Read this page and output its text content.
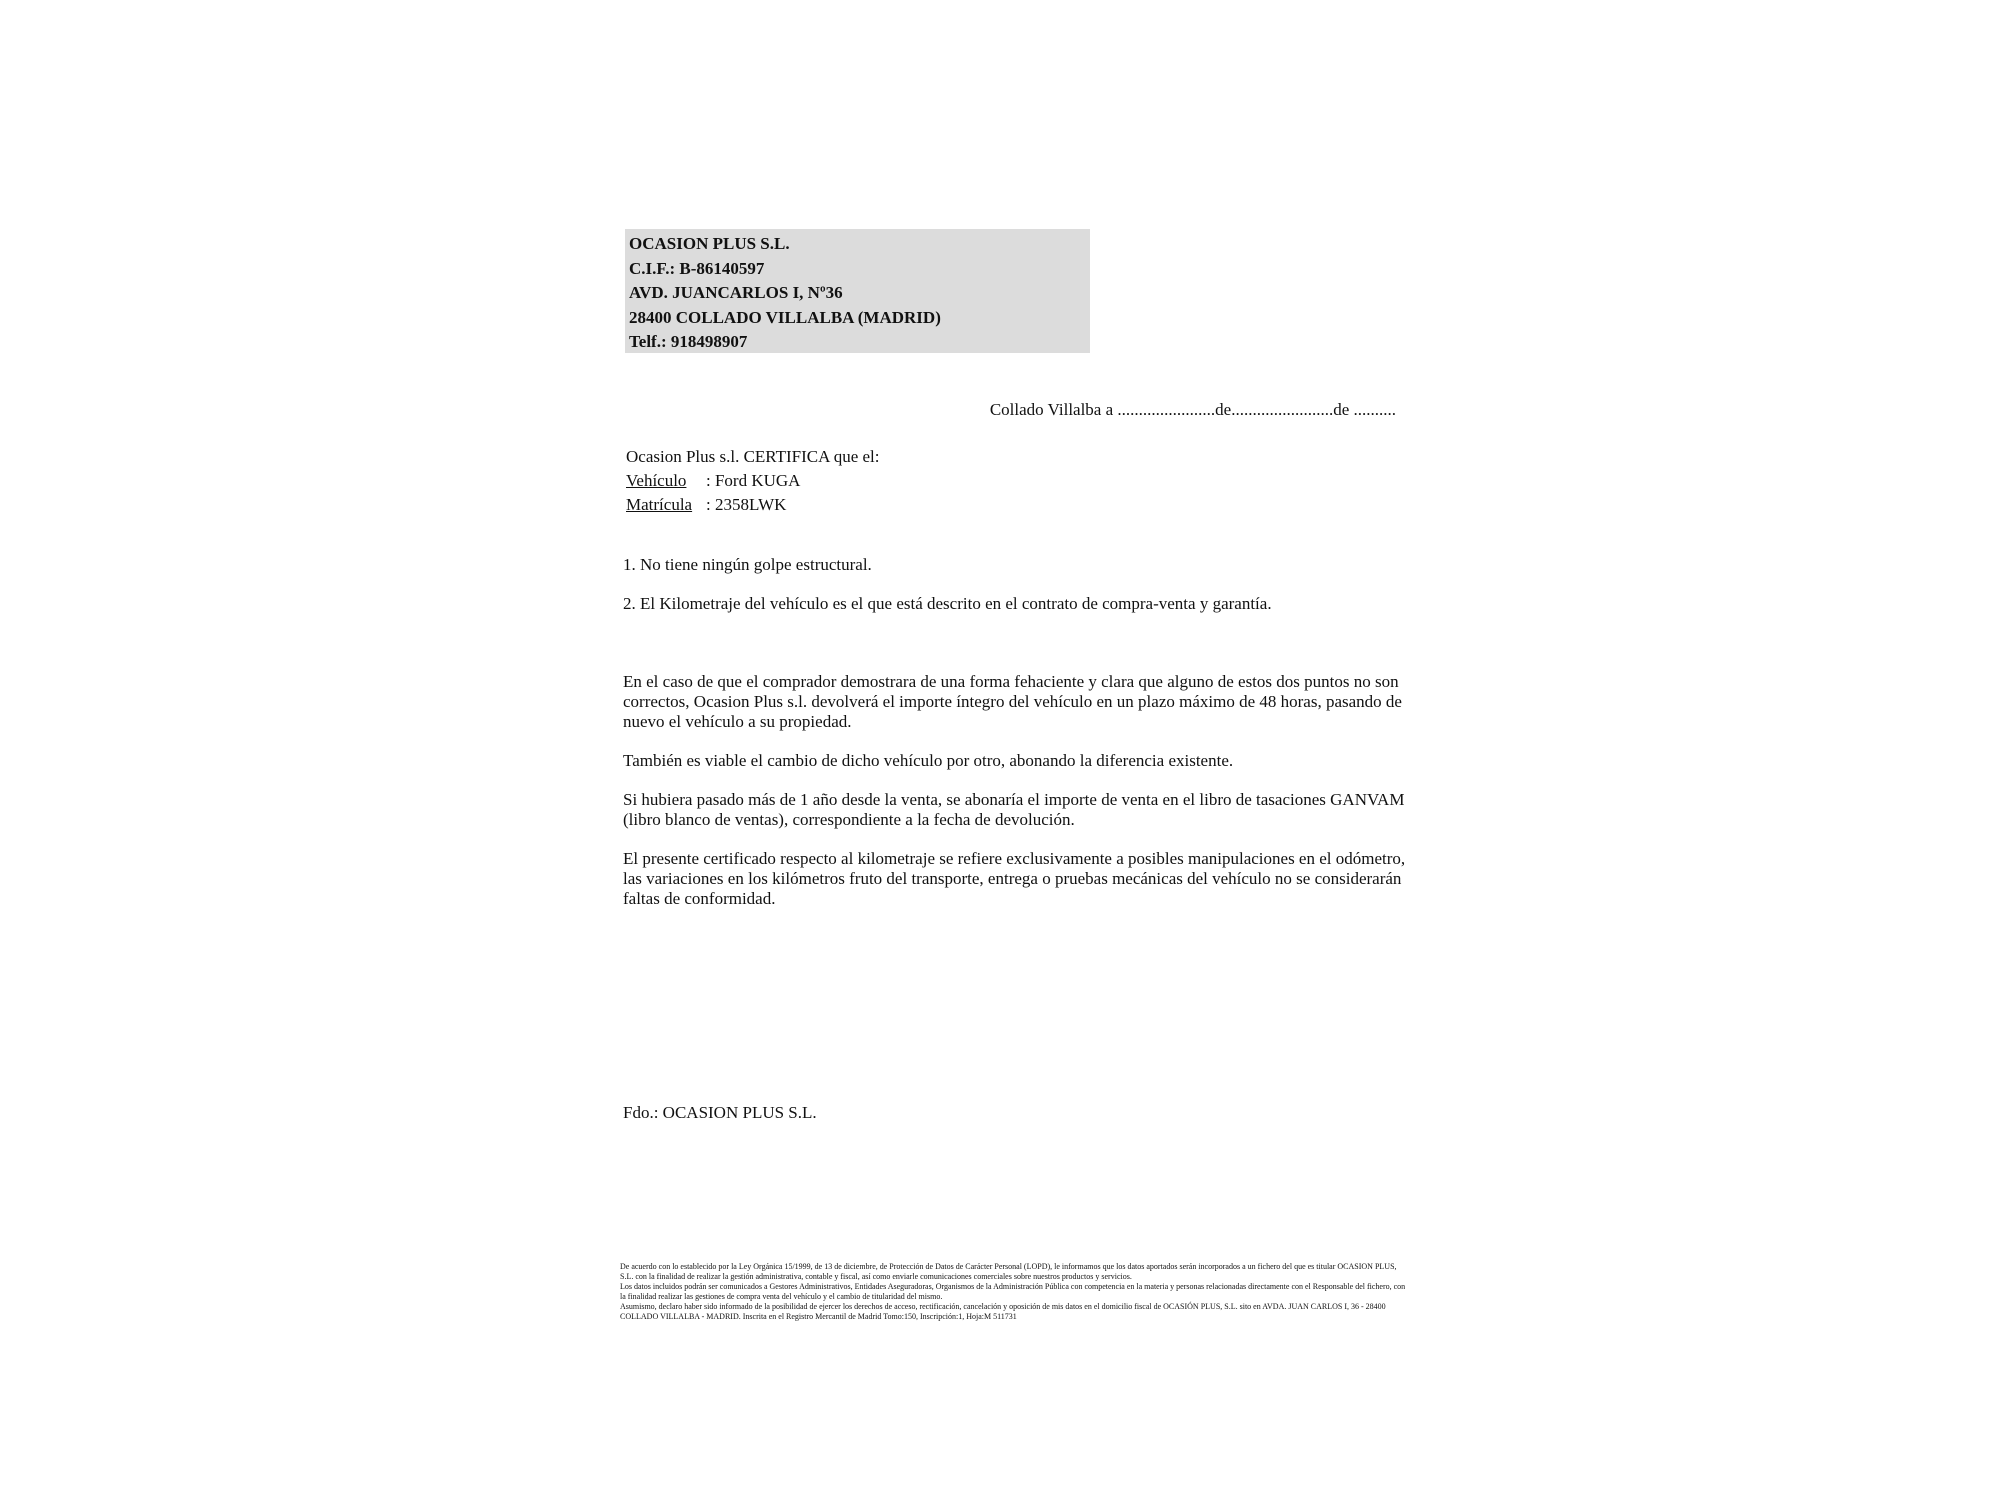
OCASION PLUS S.L.
C.I.F.: B-86140597
AVD. JUANCARLOS I, Nº36
28400 COLLADO VILLALBA (MADRID)
Telf.: 918498907
Collado Villalba a .......................de........................de ..........
Ocasion Plus s.l. CERTIFICA que el:
Vehículo : Ford KUGA
Matrícula : 2358LWK

1. No tiene ningún golpe estructural.

2. El Kilometraje del vehículo es el que está descrito en el contrato de compra-venta y garantía.

En el caso de que el comprador demostrara de una forma fehaciente y clara que alguno de estos dos puntos no son correctos, Ocasion Plus s.l. devolverá el importe íntegro del vehículo en un plazo máximo de 48 horas, pasando de nuevo el vehículo a su propiedad.

También es viable el cambio de dicho vehículo por otro, abonando la diferencia existente.

Si hubiera pasado más de 1 año desde la venta, se abonaría el importe de venta en el libro de tasaciones GANVAM (libro blanco de ventas), correspondiente a la fecha de devolución.

El presente certificado respecto al kilometraje se refiere exclusivamente a posibles manipulaciones en el odómetro, las variaciones en los kilómetros fruto del transporte, entrega o pruebas mecánicas del vehículo no se considerarán faltas de conformidad.

Fdo.: OCASION PLUS S.L.

De acuerdo con lo establecido por la Ley Orgánica 15/1999, de 13 de diciembre, de Protección de Datos de Carácter Personal (LOPD), le informamos que los datos aportados serán incorporados a un fichero del que es titular OCASION PLUS, S.L. con la finalidad de realizar la gestión administrativa, contable y fiscal, así como enviarle comunicaciones comerciales sobre nuestros productos y servicios.

Los datos incluidos podrán ser comunicados a Gestores Administrativos, Entidades Aseguradoras, Organismos de la Administración Pública con competencia en la materia y personas relacionadas directamente con el Responsable del fichero, con la finalidad realizar las gestiones de compra venta del vehículo y el cambio de titularidad del mismo.

Asumismo, declaro haber sido informado de la posibilidad de ejercer los derechos de acceso, rectificación, cancelación y oposición de mis datos en el domicilio fiscal de OCASIÓN PLUS, S.L. sito en AVDA. JUAN CARLOS I, 36 - 28400 COLLADO VILLALBA - MADRID. Inscrita en el Registro Mercantil de Madrid Tomo:150, Inscripción:1, Hoja:M 511731
